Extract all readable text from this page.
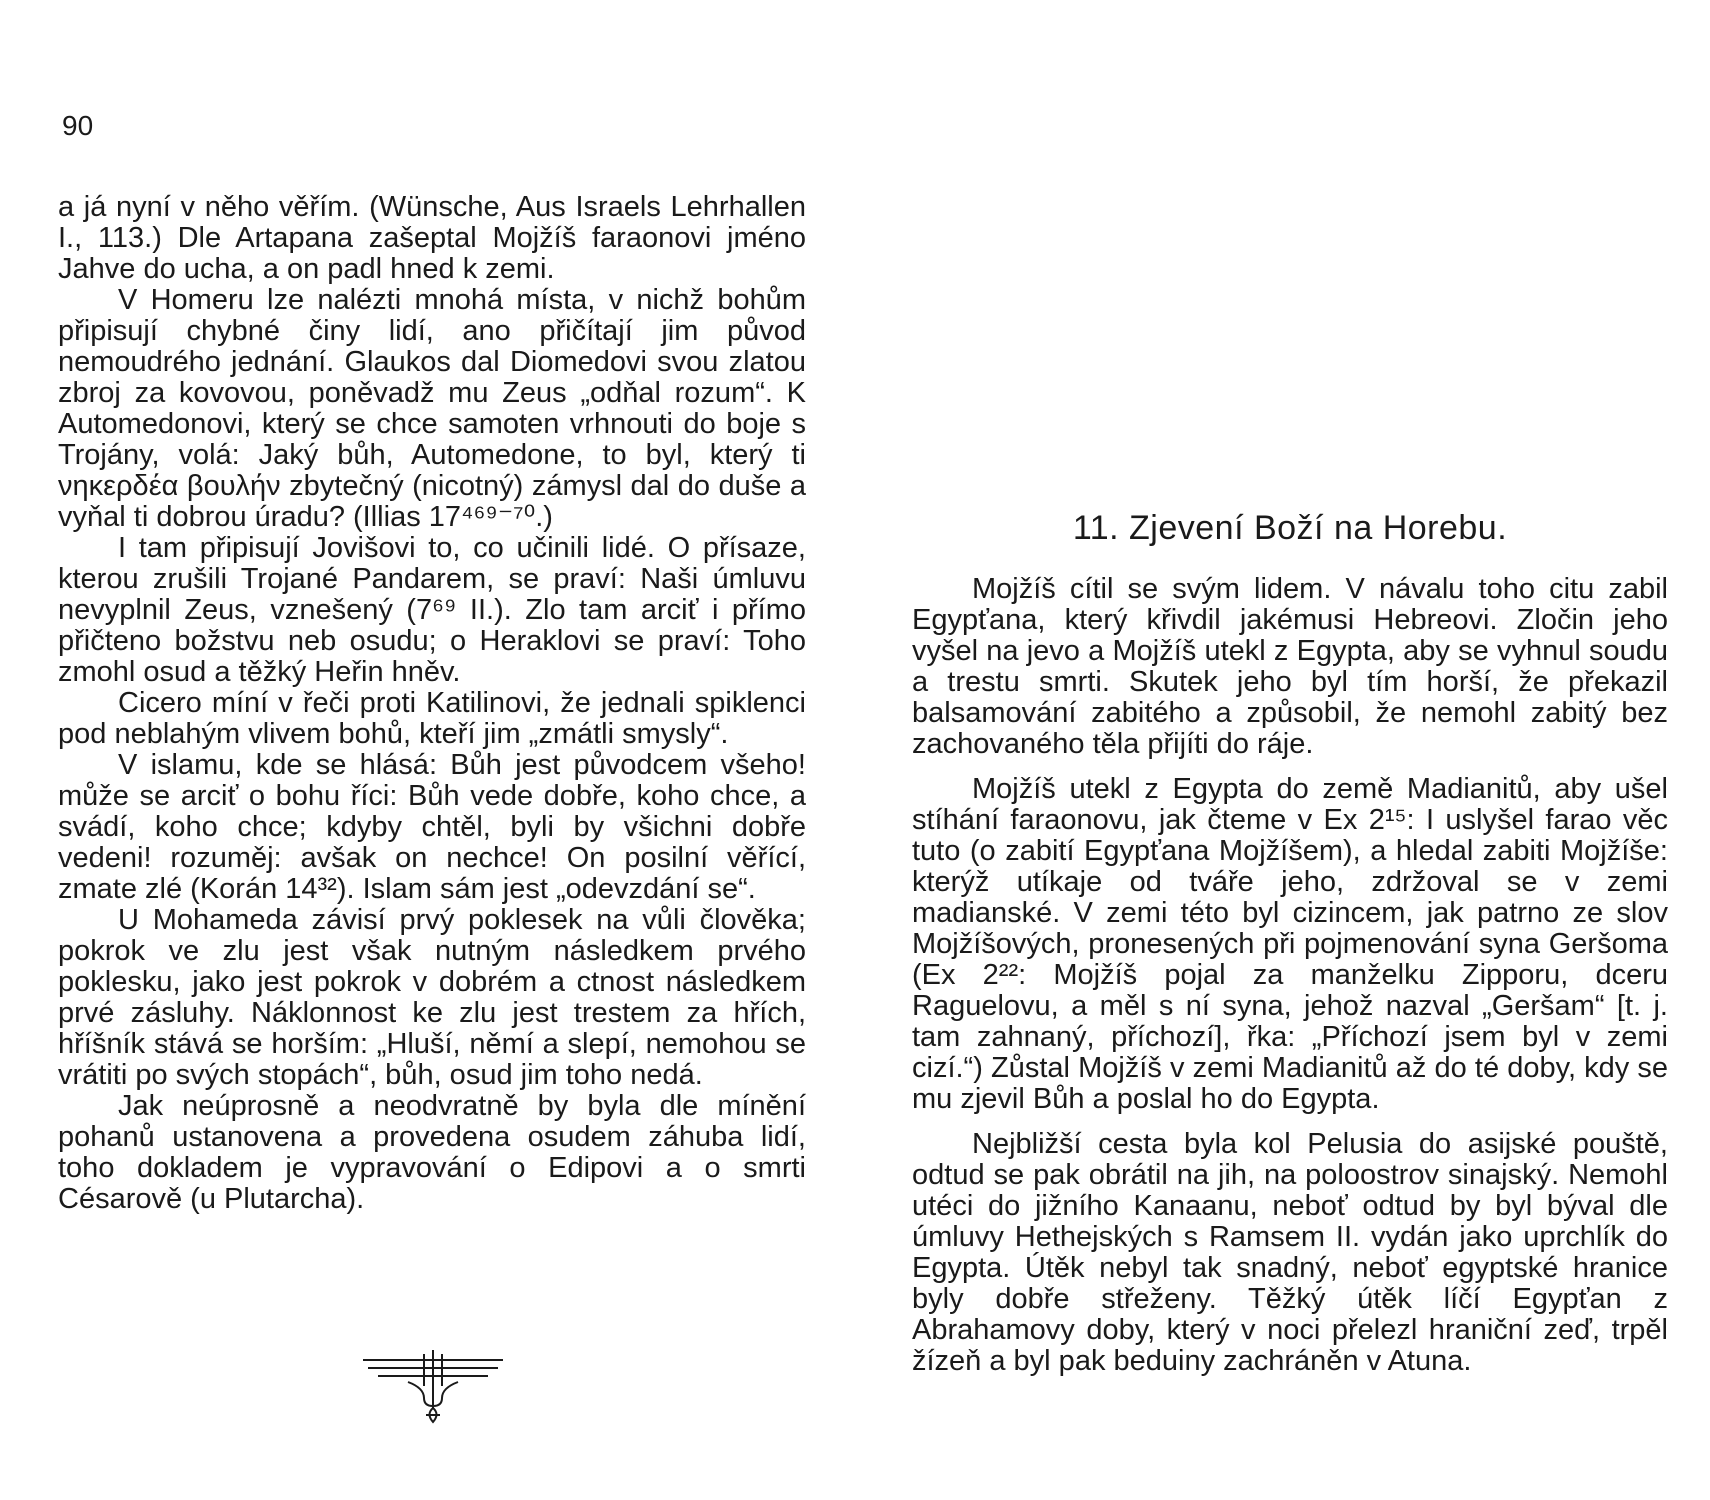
90

a já nyní v něho věřím. (Wünsche, Aus Israels Lehrhallen I., 113.) Dle Artapana zašeptal Mojžíš faraonovi jméno Jahve do ucha, a on padl hned k zemi.

V Homeru lze nalézti mnohá místa, v nichž bohům připisují chybné činy lidí, ano přičítají jim původ nemoudrého jednání. Glaukos dal Diomedovi svou zlatou zbroj za kovovou, poněvadž mu Zeus „odňal rozum“. K Automedonovi, který se chce samoten vrhnouti do boje s Trojány, volá: Jaký bůh, Automedone, to byl, který ti νηκερδέα βουλήν zbytečný (nicotný) zámysl dal do duše a vyňal ti dobrou úradu? (Illias 17⁴⁶⁹⁻⁷⁰.)

I tam připisují Jovišovi to, co učinili lidé. O přísaze, kterou zrušili Trojané Pandarem, se praví: Naši úmluvu nevyplnil Zeus, vznešený (7⁶⁹ II.). Zlo tam arciť i přímo přičteno božstvu neb osudu; o Heraklovi se praví: Toho zmohl osud a těžký Heřin hněv.

Cicero míní v řeči proti Katilinovi, že jednali spiklenci pod neblahým vlivem bohů, kteří jim „zmátli smysly“.

V islamu, kde se hlásá: Bůh jest původcem všeho! může se arciť o bohu říci: Bůh vede dobře, koho chce, a svádí, koho chce; kdyby chtěl, byli by všichni dobře vedeni! rozuměj: avšak on nechce! On posilní věřící, zmate zlé (Korán 14³²). Islam sám jest „odevzdání se“.

U Mohameda závisí prvý poklesek na vůli člověka; pokrok ve zlu jest však nutným následkem prvého poklesku, jako jest pokrok v dobrém a ctnost následkem prvé zásluhy. Náklonnost ke zlu jest trestem za hřích, hříšník stává se horším: „Hluší, němí a slepí, nemohou se vrátiti po svých stopách“, bůh, osud jim toho nedá.

Jak neúprosně a neodvratně by byla dle mínění pohanů ustanovena a provedena osudem záhuba lidí, toho dokladem je vypravování o Edipovi a o smrti Césarově (u Plutarcha).

11. Zjevení Boží na Horebu.

Mojžíš cítil se svým lidem. V návalu toho citu zabil Egypťana, který křivdil jakémusi Hebreovi. Zločin jeho vyšel na jevo a Mojžíš utekl z Egypta, aby se vyhnul soudu a trestu smrti. Skutek jeho byl tím horší, že překazil balsamování zabitého a způsobil, že nemohl zabitý bez zachovaného těla přijíti do ráje.

Mojžíš utekl z Egypta do země Madianitů, aby ušel stíhání faraonovu, jak čteme v Ex 2¹⁵: I uslyšel farao věc tuto (o zabití Egypťana Mojžíšem), a hledal zabiti Mojžíše: kterýž utíkaje od tváře jeho, zdržoval se v zemi madianské. V zemi této byl cizincem, jak patrno ze slov Mojžíšových, pronesených při pojmenování syna Geršoma (Ex 2²²: Mojžíš pojal za manželku Zipporu, dceru Raguelovu, a měl s ní syna, jehož nazval „Geršam“ [t. j. tam zahnaný, příchozí], řka: „Příchozí jsem byl v zemi cizí.“) Zůstal Mojžíš v zemi Madianitů až do té doby, kdy se mu zjevil Bůh a poslal ho do Egypta.

Nejbližší cesta byla kol Pelusia do asijské pouště, odtud se pak obrátil na jih, na poloostrov sinajský. Nemohl utéci do jižního Kanaanu, neboť odtud by byl býval dle úmluvy Hethejských s Ramsem II. vydán jako uprchlík do Egypta. Útěk nebyl tak snadný, neboť egyptské hranice byly dobře střeženy. Těžký útěk líčí Egypťan z Abrahamovy doby, který v noci přelezl hraniční zeď, trpěl žízeň a byl pak beduiny zachráněn v Atuna.
